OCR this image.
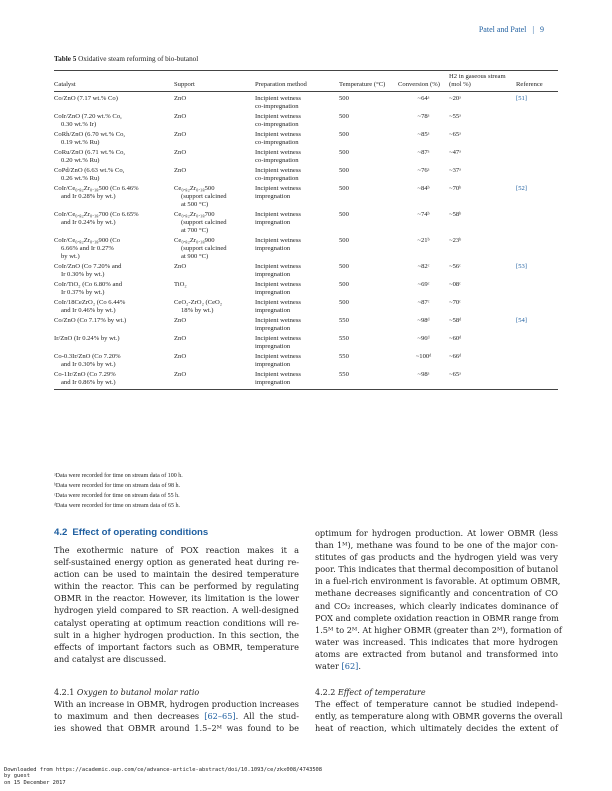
Patel and Patel | 9
Table 5 Oxidative steam reforming of bio-butanol
Catalyst	Support	Preparation method	Temperature (°C)	Conversion (%)	H2 in gaseous stream (mol %)	Reference

Co/ZnO (7.17 wt.% Co)	ZnO	Incipient wetness
co-impregnation	500	~64ᵃ	~20ᵃ	[51]

CoIr/ZnO (7.20 wt.% Co,
0.30 wt.% Ir)	ZnO	Incipient wetness
co-impregnation	500	~78ᵃ	~55ᵃ	

CoRh/ZnO (6.70 wt.% Co,
0.19 wt.% Ru)	ZnO	Incipient wetness
co-impregnation	500	~85ᵃ	~65ᵃ	

CoRu/ZnO (6.71 wt.% Co,
0.20 wt.% Ru)	ZnO	Incipient wetness
co-impregnation	500	~87ᵃ	~47ᵃ	

CoPd/ZnO (6.63 wt.% Co,
0.26 wt.% Ru)	ZnO	Incipient wetness
co-impregnation	500	~76ᵃ	~37ᵃ	

CoIr/Ce₀.₈₂Zr₀.₁₈500 (Co 6.46%
and Ir 0.28% by wt.)	Ce₀.₈₂Zr₀.₁₈500
(support calcined
at 500 °C)	Incipient wetness
impregnation	500	~84ᵇ	~70ᵇ	[52]

CoIr/Ce₀.₈₂Zr₀.₁₈700 (Co 6.65%
and Ir 0.24% by wt.)	Ce₀.₈₂Zr₀.₁₈700
(support calcined
at 700 °C)	Incipient wetness
impregnation	500	~74ᵇ	~58ᵇ	

CoIr/Ce₀.₈₂Zr₀.₁₈900 (Co
6.66% and Ir 0.27%
by wt.)	Ce₀.₈₂Zr₀.₁₈900
(support calcined
at 900 °C)	Incipient wetness
impregnation	500	~21ᵇ	~23ᵇ	

CoIr/ZnO (Co 7.20% and
Ir 0.30% by wt.)	ZnO	Incipient wetness
impregnation	500	~82ᶜ	~56ᶜ	[53]

CoIr/TiO₂ (Co 6.80% and
Ir 0.37% by wt.)	TiO₂	Incipient wetness
impregnation	500	~69ᶜ	~08ᶜ	

CoIr/18CeZrO₂ (Co 6.44%
and Ir 0.46% by wt.)	CeO₂-ZrO₂ (CeO₂
18% by wt.)	Incipient wetness
impregnation	500	~87ᶜ	~70ᶜ	

Co/ZnO (Co 7.17% by wt.)	ZnO	Incipient wetness
impregnation	550	~98ᵈ	~58ᵈ	[54]

Ir/ZnO (Ir 0.24% by wt.)	ZnO	Incipient wetness
impregnation	550	~96ᵈ	~60ᵈ	

Co-0.3Ir/ZnO (Co 7.20%
and Ir 0.30% by wt.)	ZnO	Incipient wetness
impregnation	550	~100ᵈ	~66ᵈ	

Co-1Ir/ZnO (Co 7.29%
and Ir 0.86% by wt.)	ZnO	Incipient wetness
impregnation	550	~98ᵃ	~65ᵃ	
ᵃData were recorded for time on stream data of 100 h.
ᵇData were recorded for time on stream data of 98 h.
ᶜData were recorded for time on stream data of 55 h.
ᵈData were recorded for time on stream data of 65 h.
4.2 Effect of operating conditions
The exothermic nature of POX reaction makes it a
self-sustained energy option as generated heat during re-
action can be used to maintain the desired temperature
within the reactor. This can be performed by regulating
OBMR in the reactor. However, its limitation is the lower
hydrogen yield compared to SR reaction. A well-designed
catalyst operating at optimum reaction conditions will re-
sult in a higher hydrogen production. In this section, the
effects of important factors such as OBMR, temperature
and catalyst are discussed.
4.2.1 Oxygen to butanol molar ratio
With an increase in OBMR, hydrogen production increases
to maximum and then decreases [62–65]. All the stud-
ies showed that OBMR around 1.5–2ᴹ was found to be
optimum for hydrogen production. At lower OBMR (less
than 1ᴹ), methane was found to be one of the major con-
stitutes of gas products and the hydrogen yield was very
poor. This indicates that thermal decomposition of butanol
in a fuel-rich environment is favorable. At optimum OBMR,
methane decreases significantly and concentration of CO
and CO₂ increases, which clearly indicates dominance of
POX and complete oxidation reaction in OBMR range from
1.5ᴹ to 2ᴹ. At higher OBMR (greater than 2ᴹ), formation of
water was increased. This indicates that more hydrogen
atoms are extracted from butanol and transformed into
water [62].
4.2.2 Effect of temperature
The effect of temperature cannot be studied independ-
ently, as temperature along with OBMR governs the overall
heat of reaction, which ultimately decides the extent of
Downloaded from https://academic.oup.com/ce/advance-article-abstract/doi/10.1093/ce/zkx008/4743508
by guest
on 15 December 2017
